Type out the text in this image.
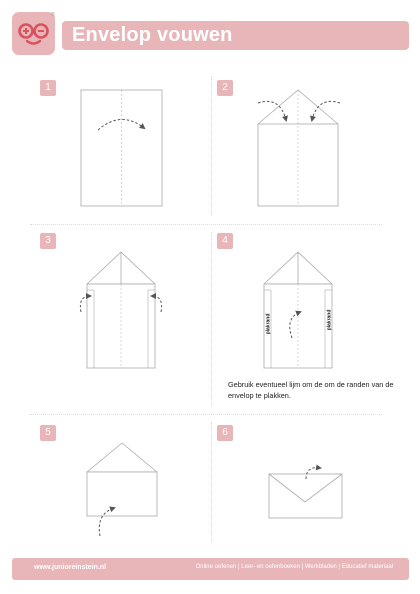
®
Envelop vouwen
1	2
3	4
5	6
plakrand	plakrand
Gebruik eventueel lijm om de om de randen van de envelop te plakken.
www.junioreinstein.nl	Online oefenen | Leer- en oefenboeken | Werkbladen | Educatief materiaal
